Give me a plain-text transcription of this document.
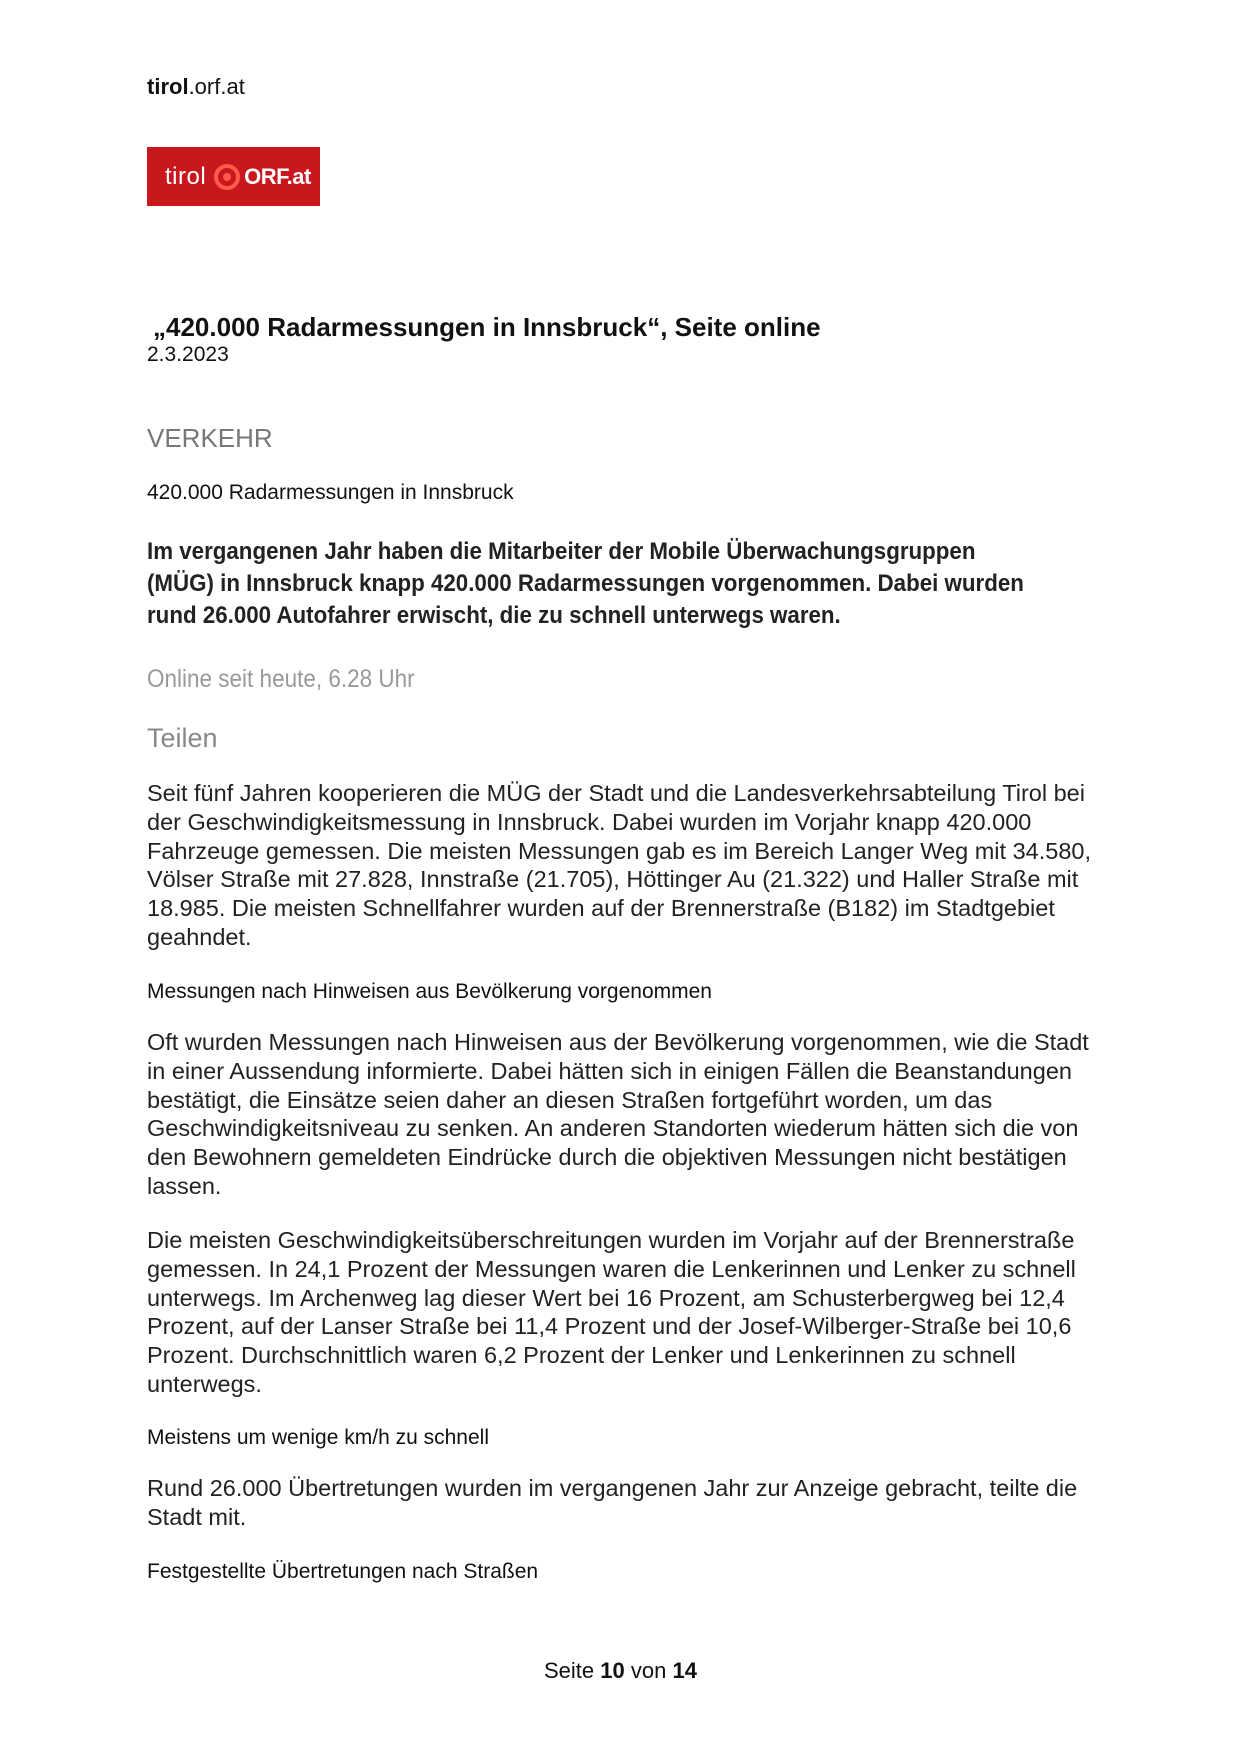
tirol.orf.at
tirol ORF.at
„420.000 Radarmessungen in Innsbruck“, Seite online
2.3.2023
VERKEHR
420.000 Radarmessungen in Innsbruck
Im vergangenen Jahr haben die Mitarbeiter der Mobile Überwachungsgruppen (MÜG) in Innsbruck knapp 420.000 Radarmessungen vorgenommen. Dabei wurden rund 26.000 Autofahrer erwischt, die zu schnell unterwegs waren.
Online seit heute, 6.28 Uhr
Teilen
Seit fünf Jahren kooperieren die MÜG der Stadt und die Landesverkehrsabteilung Tirol bei der Geschwindigkeitsmessung in Innsbruck. Dabei wurden im Vorjahr knapp 420.000 Fahrzeuge gemessen. Die meisten Messungen gab es im Bereich Langer Weg mit 34.580, Völser Straße mit 27.828, Innstraße (21.705), Höttinger Au (21.322) und Haller Straße mit 18.985. Die meisten Schnellfahrer wurden auf der Brennerstraße (B182) im Stadtgebiet geahndet.
Messungen nach Hinweisen aus Bevölkerung vorgenommen
Oft wurden Messungen nach Hinweisen aus der Bevölkerung vorgenommen, wie die Stadt in einer Aussendung informierte. Dabei hätten sich in einigen Fällen die Beanstandungen bestätigt, die Einsätze seien daher an diesen Straßen fortgeführt worden, um das Geschwindigkeitsniveau zu senken. An anderen Standorten wiederum hätten sich die von den Bewohnern gemeldeten Eindrücke durch die objektiven Messungen nicht bestätigen lassen.
Die meisten Geschwindigkeitsüberschreitungen wurden im Vorjahr auf der Brennerstraße gemessen. In 24,1 Prozent der Messungen waren die Lenkerinnen und Lenker zu schnell unterwegs. Im Archenweg lag dieser Wert bei 16 Prozent, am Schusterbergweg bei 12,4 Prozent, auf der Lanser Straße bei 11,4 Prozent und der Josef-Wilberger-Straße bei 10,6 Prozent. Durchschnittlich waren 6,2 Prozent der Lenker und Lenkerinnen zu schnell unterwegs.
Meistens um wenige km/h zu schnell
Rund 26.000 Übertretungen wurden im vergangenen Jahr zur Anzeige gebracht, teilte die Stadt mit.
Festgestellte Übertretungen nach Straßen
Seite 10 von 14
